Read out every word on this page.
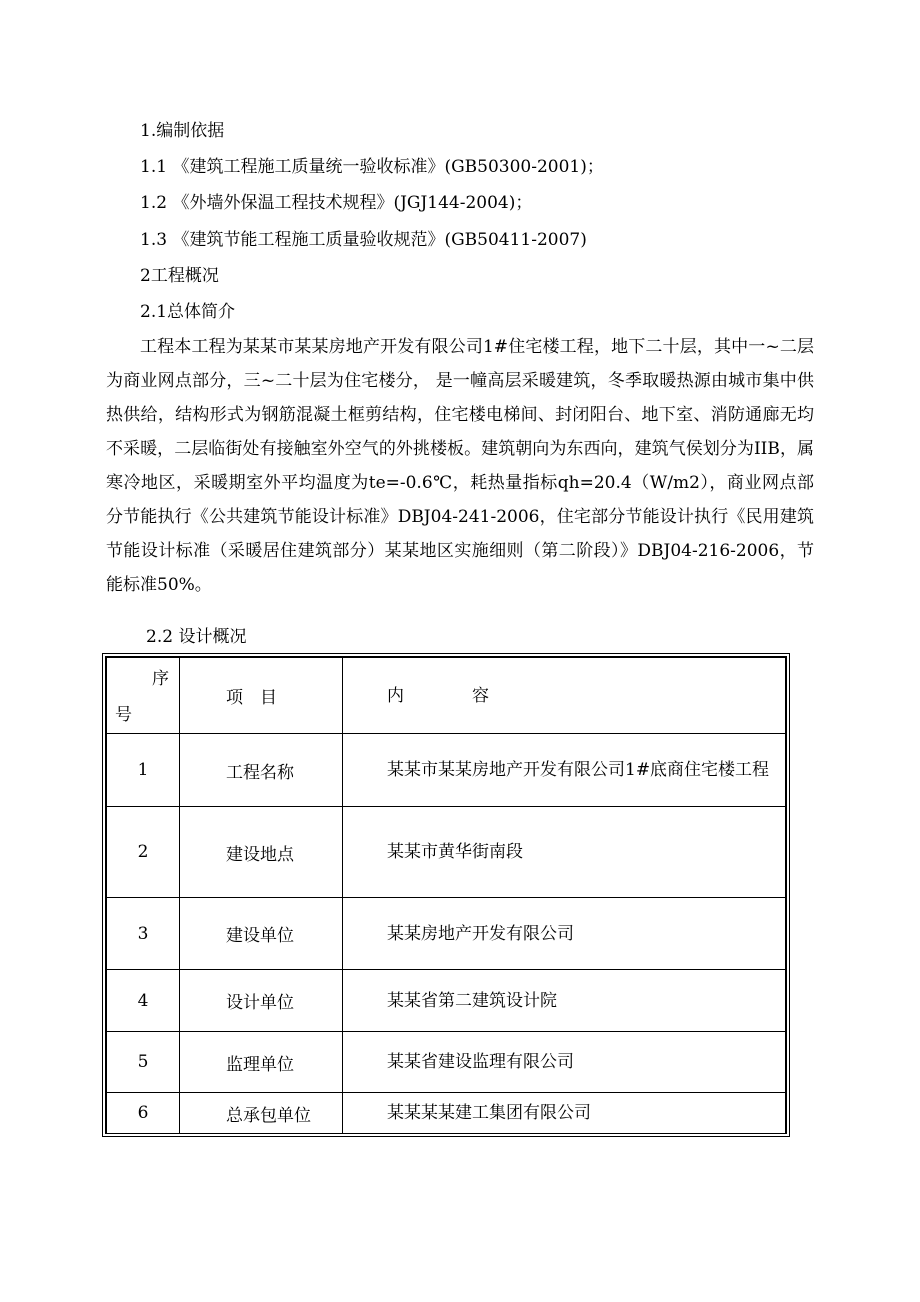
1.编制依据
1.1 《建筑工程施工质量统一验收标准》(GB50300-2001)；
1.2 《外墙外保温工程技术规程》(JGJ144-2004)；
1.3 《建筑节能工程施工质量验收规范》(GB50411-2007)
2工程概况
2.1总体简介

工程本工程为某某市某某房地产开发有限公司1#住宅楼工程，地下二十层，其中一~二层为商业网点部分，三~二十层为住宅楼分， 是一幢高层采暖建筑，冬季取暖热源由城市集中供热供给，结构形式为钢筋混凝土框剪结构，住宅楼电梯间、封闭阳台、地下室、消防通廊无均不采暖，二层临街处有接触室外空气的外挑楼板。建筑朝向为东西向，建筑气侯划分为IIB，属寒冷地区，采暖期室外平均温度为te=-0.6℃，耗热量指标qh=20.4（W/m2），商业网点部分节能执行《公共建筑节能设计标准》DBJ04-241-2006，住宅部分节能设计执行《民用建筑节能设计标准（采暖居住建筑部分）某某地区实施细则（第二阶段）》DBJ04-216-2006，节能标准50%。

2.2 设计概况
序
号	项　目	内　　　　容

1	工程名称	某某市某某房地产开发有限公司1#底商住宅楼工程

2	建设地点	某某市黄华街南段

3	建设单位	某某房地产开发有限公司

4	设计单位	某某省第二建筑设计院

5	监理单位	某某省建设监理有限公司

6	总承包单位	某某某某建工集团有限公司
